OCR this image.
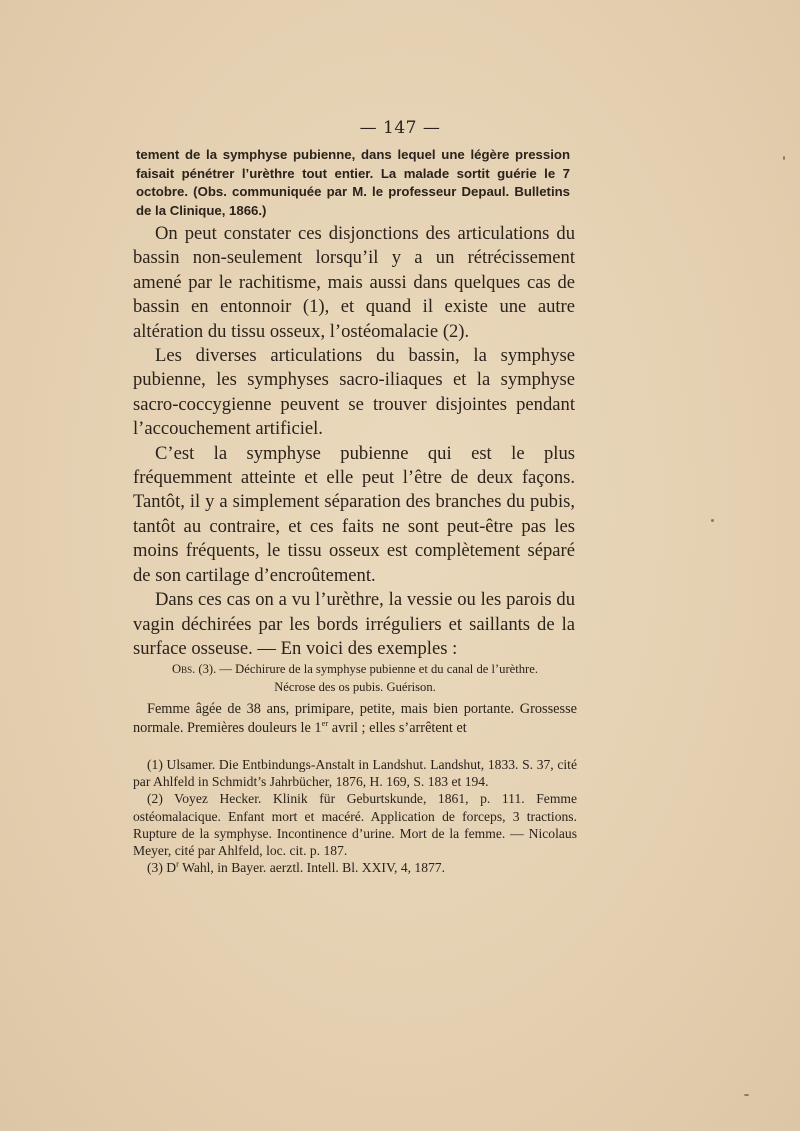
— 147 —
tement de la symphyse pubienne, dans lequel une légère pression faisait pénétrer l’urèthre tout entier. La malade sortit guérie le 7 octobre. (Obs. communiquée par M. le professeur Depaul. Bulletins de la Clinique, 1866.)

On peut constater ces disjonctions des articulations du bassin non-seulement lorsqu’il y a un rétrécissement amené par le rachitisme, mais aussi dans quelques cas de bassin en entonnoir (1), et quand il existe une autre altération du tissu osseux, l’ostéomalacie (2).

Les diverses articulations du bassin, la symphyse pubienne, les symphyses sacro-iliaques et la symphyse sacro-coccygienne peuvent se trouver disjointes pendant l’accouchement artificiel.

C’est la symphyse pubienne qui est le plus fréquemment atteinte et elle peut l’être de deux façons. Tantôt, il y a simplement séparation des branches du pubis, tantôt au contraire, et ces faits ne sont peut-être pas les moins fréquents, le tissu osseux est complètement séparé de son cartilage d’encroûtement.

Dans ces cas on a vu l’urèthre, la vessie ou les parois du vagin déchirées par les bords irréguliers et saillants de la surface osseuse. — En voici des exemples :

Obs. (3). — Déchirure de la symphyse pubienne et du canal de l’urèthre.
Nécrose des os pubis. Guérison.

Femme âgée de 38 ans, primipare, petite, mais bien portante. Grossesse normale. Premières douleurs le 1er avril ; elles s’arrêtent et

(1) Ulsamer. Die Entbindungs-Anstalt in Landshut. Landshut, 1833. S. 37, cité par Ahlfeld in Schmidt’s Jahrbücher, 1876, H. 169, S. 183 et 194.

(2) Voyez Hecker. Klinik für Geburtskunde, 1861, p. 111. Femme ostéomalacique. Enfant mort et macéré. Application de forceps, 3 tractions. Rupture de la symphyse. Incontinence d’urine. Mort de la femme. — Nicolaus Meyer, cité par Ahlfeld, loc. cit. p. 187.

(3) $D^r$ Wahl, in Bayer. aerztl. Intell. Bl. XXIV, 4, 1877.
